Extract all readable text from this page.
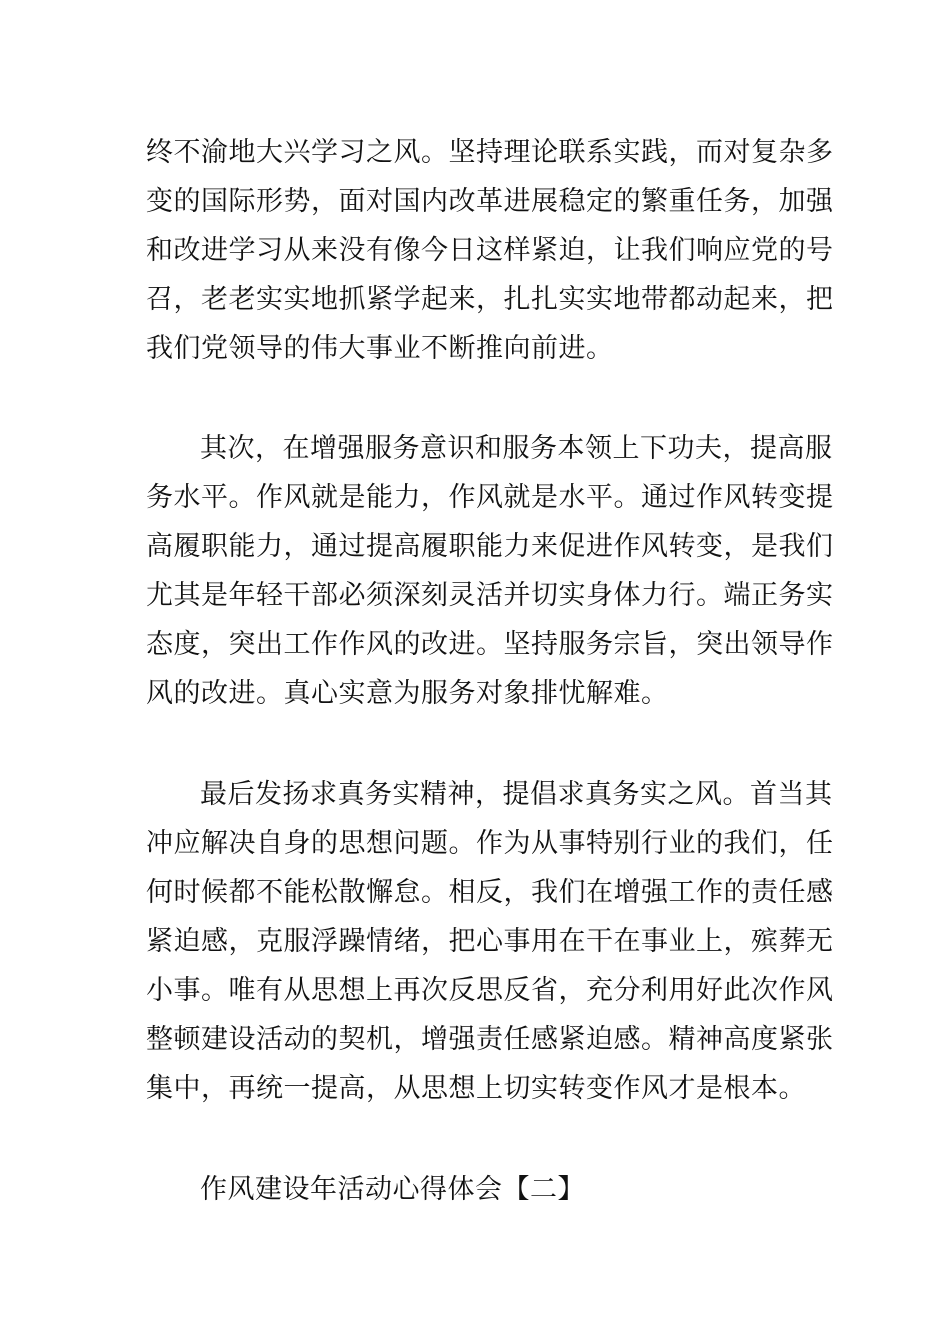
终不渝地大兴学习之风。坚持理论联系实践，而对复杂多
变的国际形势，面对国内改革进展稳定的繁重任务，加强
和改进学习从来没有像今日这样紧迫，让我们响应党的号
召，老老实实地抓紧学起来，扎扎实实地带都动起来，把
我们党领导的伟大事业不断推向前进。

其次，在增强服务意识和服务本领上下功夫，提高服
务水平。作风就是能力，作风就是水平。通过作风转变提
高履职能力，通过提高履职能力来促进作风转变，是我们
尤其是年轻干部必须深刻灵活并切实身体力行。端正务实
态度，突出工作作风的改进。坚持服务宗旨，突出领导作
风的改进。真心实意为服务对象排忧解难。

最后发扬求真务实精神，提倡求真务实之风。首当其
冲应解决自身的思想问题。作为从事特别行业的我们，任
何时候都不能松散懈怠。相反，我们在增强工作的责任感
紧迫感，克服浮躁情绪，把心事用在干在事业上，殡葬无
小事。唯有从思想上再次反思反省，充分利用好此次作风
整顿建设活动的契机，增强责任感紧迫感。精神高度紧张
集中，再统一提高，从思想上切实转变作风才是根本。

作风建设年活动心得体会【二】
